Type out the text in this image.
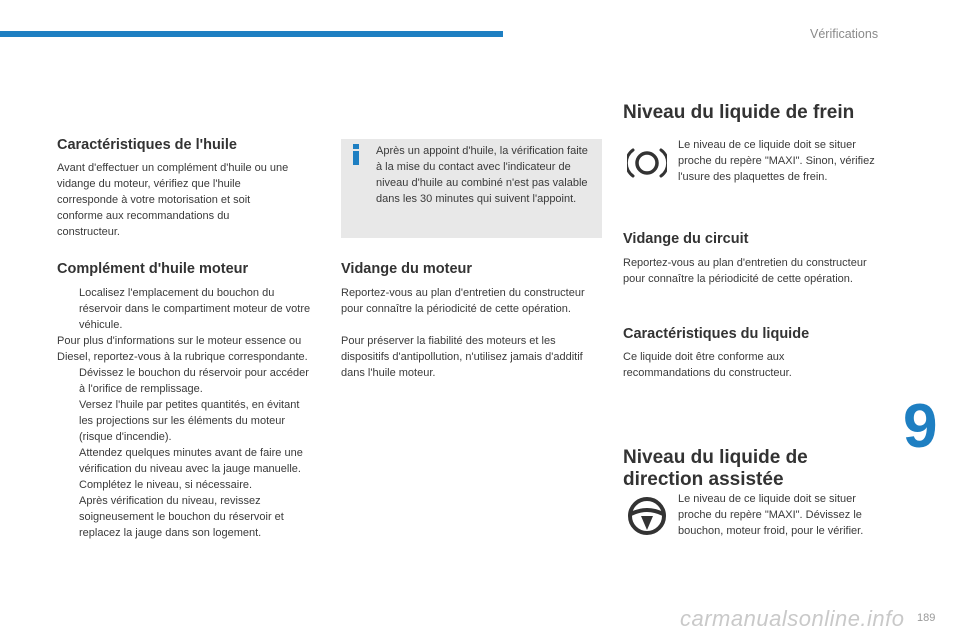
Vérifications
Caractéristiques de l'huile

Avant d'effectuer un complément d'huile ou une vidange du moteur, vérifiez que l'huile corresponde à votre motorisation et soit conforme aux recommandations du constructeur.

Complément d'huile moteur
Localisez l'emplacement du bouchon du réservoir dans le compartiment moteur de votre véhicule.

Pour plus d'informations sur le moteur essence ou Diesel, reportez-vous à la rubrique correspondante.

Dévissez le bouchon du réservoir pour accéder à l'orifice de remplissage.
Versez l'huile par petites quantités, en évitant les projections sur les éléments du moteur (risque d'incendie).
Attendez quelques minutes avant de faire une vérification du niveau avec la jauge manuelle.
Complétez le niveau, si nécessaire.
Après vérification du niveau, revissez soigneusement le bouchon du réservoir et replacez la jauge dans son logement.

Après un appoint d'huile, la vérification faite à la mise du contact avec l'indicateur de niveau d'huile au combiné n'est pas valable dans les 30 minutes qui suivent l'appoint.

Vidange du moteur

Reportez-vous au plan d'entretien du constructeur pour connaître la périodicité de cette opération.

Pour préserver la fiabilité des moteurs et les dispositifs d'antipollution, n'utilisez jamais d'additif dans l'huile moteur.

Niveau du liquide de frein

Le niveau de ce liquide doit se situer proche du repère "MAXI". Sinon, vérifiez l'usure des plaquettes de frein.

Vidange du circuit

Reportez-vous au plan d'entretien du constructeur pour connaître la périodicité de cette opération.

Caractéristiques du liquide

Ce liquide doit être conforme aux recommandations du constructeur.

Niveau du liquide de
direction assistée

Le niveau de ce liquide doit se situer proche du repère "MAXI". Dévissez le bouchon, moteur froid, pour le vérifier.

9
carmanualsonline.info 189
